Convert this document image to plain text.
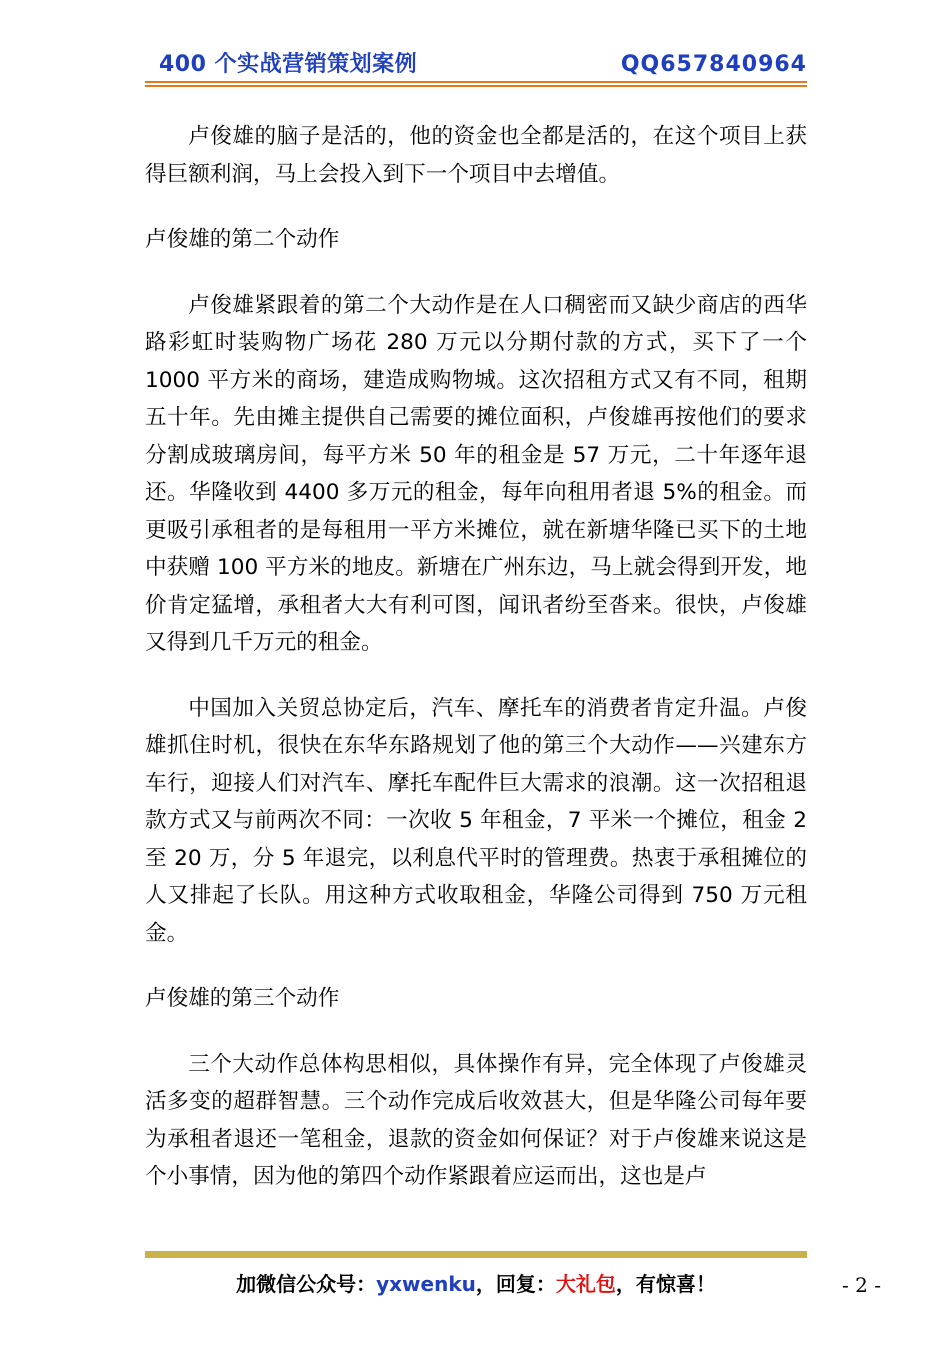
400 个实战营销策划案例	QQ657840964

卢俊雄的脑子是活的，他的资金也全都是活的，在这个项目上获得巨额利润，马上会投入到下一个项目中去增值。

卢俊雄的第二个动作

卢俊雄紧跟着的第二个大动作是在人口稠密而又缺少商店的西华路彩虹时装购物广场花 280 万元以分期付款的方式，买下了一个 1000 平方米的商场，建造成购物城。这次招租方式又有不同，租期五十年。先由摊主提供自己需要的摊位面积，卢俊雄再按他们的要求分割成玻璃房间，每平方米 50 年的租金是 57 万元，二十年逐年退还。华隆收到 4400 多万元的租金，每年向租用者退 5%的租金。而更吸引承租者的是每租用一平方米摊位，就在新塘华隆已买下的土地中获赠 100 平方米的地皮。新塘在广州东边，马上就会得到开发，地价肯定猛增，承租者大大有利可图，闻讯者纷至沓来。很快，卢俊雄又得到几千万元的租金。

中国加入关贸总协定后，汽车、摩托车的消费者肯定升温。卢俊雄抓住时机，很快在东华东路规划了他的第三个大动作——兴建东方车行，迎接人们对汽车、摩托车配件巨大需求的浪潮。这一次招租退款方式又与前两次不同：一次收 5 年租金，7 平米一个摊位，租金 2 至 20 万，分 5 年退完，以利息代平时的管理费。热衷于承租摊位的人又排起了长队。用这种方式收取租金，华隆公司得到 750 万元租金。

卢俊雄的第三个动作

三个大动作总体构思相似，具体操作有异，完全体现了卢俊雄灵活多变的超群智慧。三个动作完成后收效甚大，但是华隆公司每年要为承租者退还一笔租金，退款的资金如何保证？对于卢俊雄来说这是个小事情，因为他的第四个动作紧跟着应运而出，这也是卢

加微信公众号：yxwenku，回复：大礼包，有惊喜！	- 2 -
